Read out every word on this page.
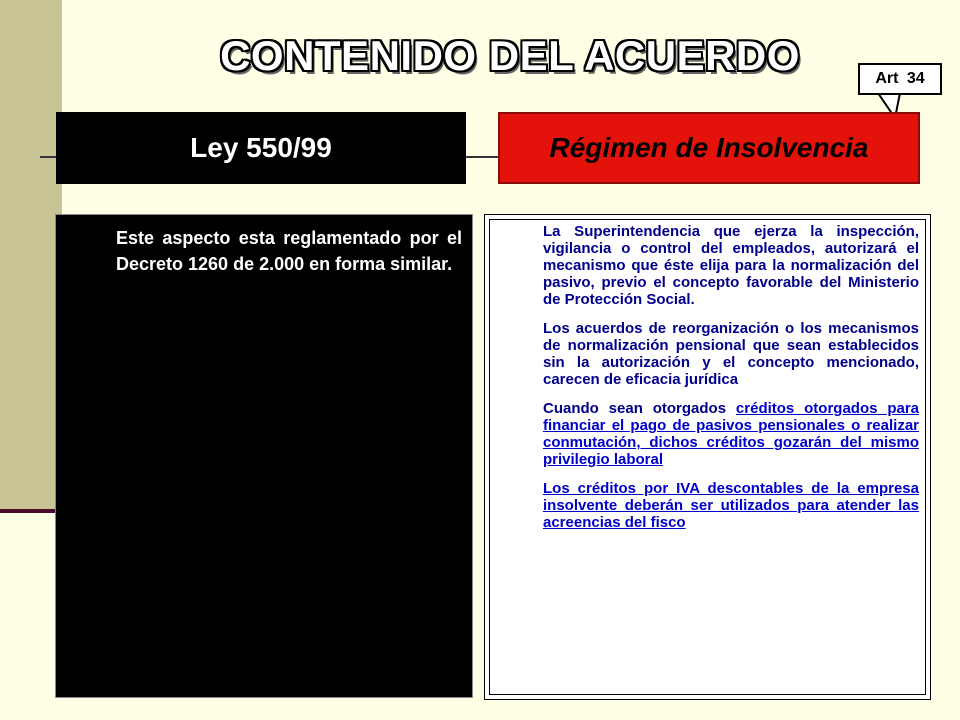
CONTENIDO DEL ACUERDO	Art 34
Ley 550/99	Régimen de Insolvencia

Este aspecto esta reglamentado por el Decreto 1260 de 2.000 en forma similar.

La Superintendencia que ejerza la inspección, vigilancia o control del empleados, autorizará el mecanismo que éste elija para la normalización del pasivo, previo el concepto favorable del Ministerio de Protección Social.

Los acuerdos de reorganización o los mecanismos de normalización pensional que sean establecidos sin la autorización y el concepto mencionado, carecen de eficacia jurídica

Cuando sean otorgados créditos otorgados para financiar el pago de pasivos pensionales o realizar conmutación, dichos créditos gozarán del mismo privilegio laboral

Los créditos por IVA descontables de la empresa insolvente deberán ser utilizados para atender las acreencias del fisco
